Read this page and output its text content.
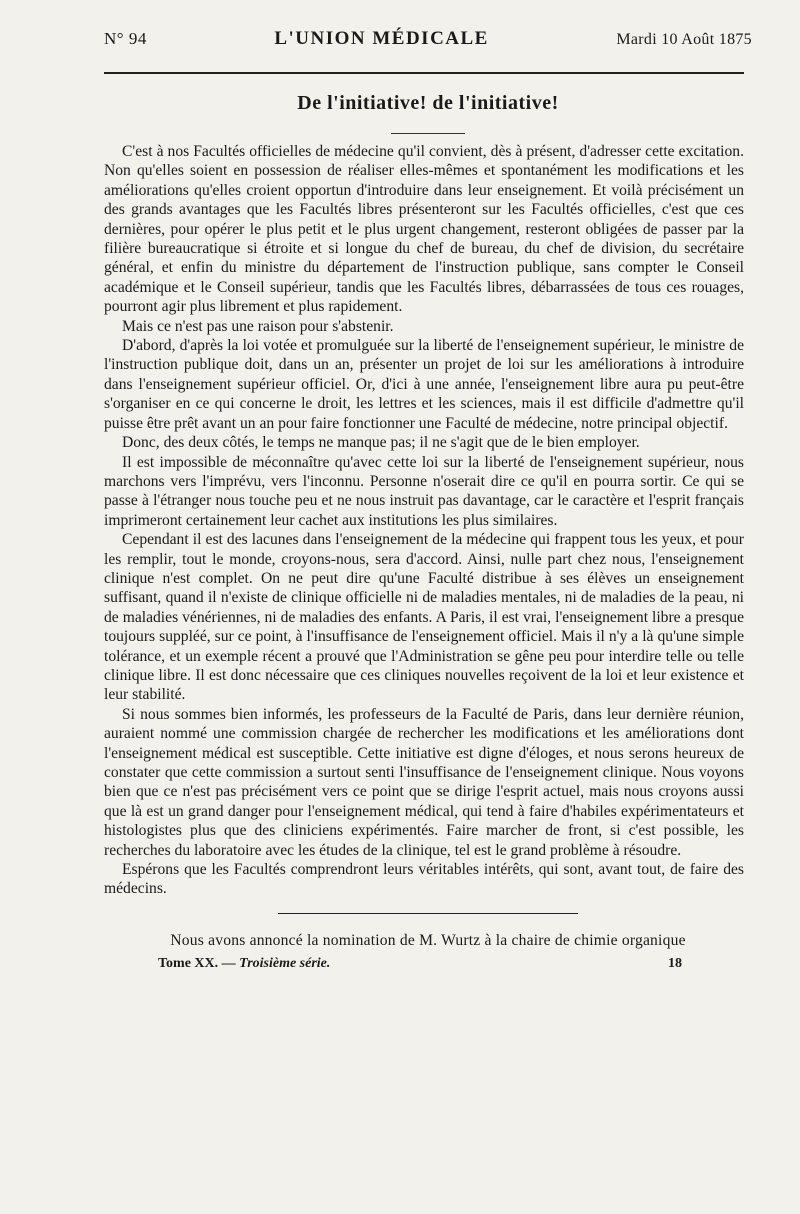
N° 94	L'UNION MÉDICALE	Mardi 10 Août 1875
De l'initiative! de l'initiative!

C'est à nos Facultés officielles de médecine qu'il convient, dès à présent, d'adresser cette excitation. Non qu'elles soient en possession de réaliser elles-mêmes et spontanément les modifications et les améliorations qu'elles croient opportun d'introduire dans leur enseignement. Et voilà précisément un des grands avantages que les Facultés libres présenteront sur les Facultés officielles, c'est que ces dernières, pour opérer le plus petit et le plus urgent changement, resteront obligées de passer par la filière bureaucratique si étroite et si longue du chef de bureau, du chef de division, du secrétaire général, et enfin du ministre du département de l'instruction publique, sans compter le Conseil académique et le Conseil supérieur, tandis que les Facultés libres, débarrassées de tous ces rouages, pourront agir plus librement et plus rapidement.

Mais ce n'est pas une raison pour s'abstenir.

D'abord, d'après la loi votée et promulguée sur la liberté de l'enseignement supérieur, le ministre de l'instruction publique doit, dans un an, présenter un projet de loi sur les améliorations à introduire dans l'enseignement supérieur officiel. Or, d'ici à une année, l'enseignement libre aura pu peut-être s'organiser en ce qui concerne le droit, les lettres et les sciences, mais il est difficile d'admettre qu'il puisse être prêt avant un an pour faire fonctionner une Faculté de médecine, notre principal objectif.

Donc, des deux côtés, le temps ne manque pas; il ne s'agit que de le bien employer.

Il est impossible de méconnaître qu'avec cette loi sur la liberté de l'enseignement supérieur, nous marchons vers l'imprévu, vers l'inconnu. Personne n'oserait dire ce qu'il en pourra sortir. Ce qui se passe à l'étranger nous touche peu et ne nous instruit pas davantage, car le caractère et l'esprit français imprimeront certainement leur cachet aux institutions les plus similaires.

Cependant il est des lacunes dans l'enseignement de la médecine qui frappent tous les yeux, et pour les remplir, tout le monde, croyons-nous, sera d'accord. Ainsi, nulle part chez nous, l'enseignement clinique n'est complet. On ne peut dire qu'une Faculté distribue à ses élèves un enseignement suffisant, quand il n'existe de clinique officielle ni de maladies mentales, ni de maladies de la peau, ni de maladies vénériennes, ni de maladies des enfants. A Paris, il est vrai, l'enseignement libre a presque toujours suppléé, sur ce point, à l'insuffisance de l'enseignement officiel. Mais il n'y a là qu'une simple tolérance, et un exemple récent a prouvé que l'Administration se gêne peu pour interdire telle ou telle clinique libre. Il est donc nécessaire que ces cliniques nouvelles reçoivent de la loi et leur existence et leur stabilité.

Si nous sommes bien informés, les professeurs de la Faculté de Paris, dans leur dernière réunion, auraient nommé une commission chargée de rechercher les modifications et les améliorations dont l'enseignement médical est susceptible. Cette initiative est digne d'éloges, et nous serons heureux de constater que cette commission a surtout senti l'insuffisance de l'enseignement clinique. Nous voyons bien que ce n'est pas précisément vers ce point que se dirige l'esprit actuel, mais nous croyons aussi que là est un grand danger pour l'enseignement médical, qui tend à faire d'habiles expérimentateurs et histologistes plus que des cliniciens expérimentés. Faire marcher de front, si c'est possible, les recherches du laboratoire avec les études de la clinique, tel est le grand problème à résoudre.

Espérons que les Facultés comprendront leurs véritables intérêts, qui sont, avant tout, de faire des médecins.

Nous avons annoncé la nomination de M. Wurtz à la chaire de chimie organique
Tome XX. — Troisième série.	18
